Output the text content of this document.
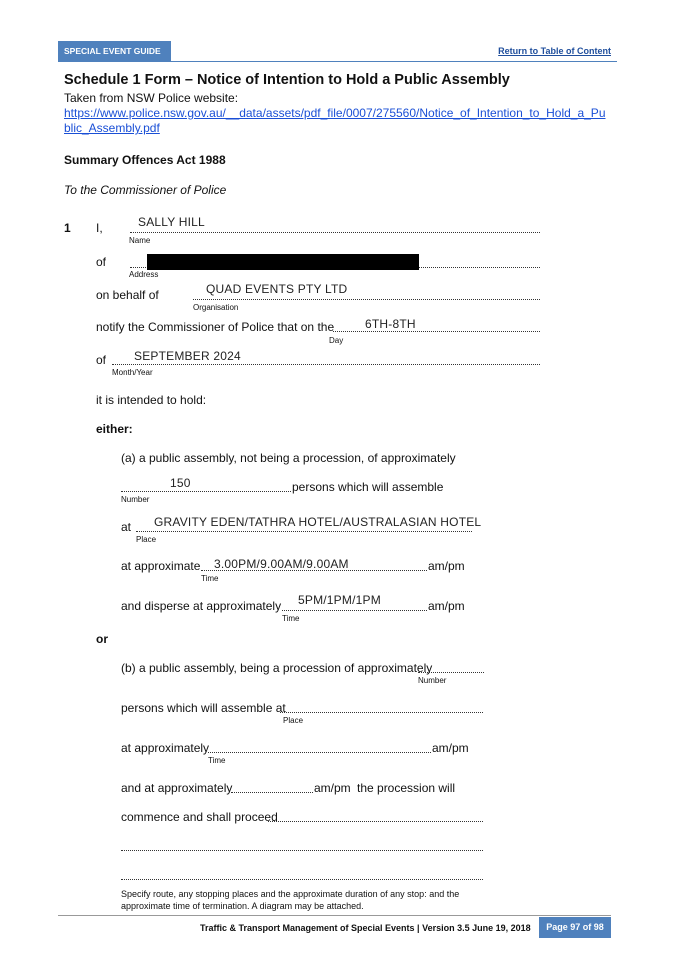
SPECIAL EVENT GUIDE	Return to Table of Content
Schedule 1 Form – Notice of Intention to Hold a Public Assembly
Taken from NSW Police website:
https://www.police.nsw.gov.au/__data/assets/pdf_file/0007/275560/Notice_of_Intention_to_Hold_a_Public_Assembly.pdf
Summary Offences Act 1988
To the Commissioner of Police
1 I,	SALLY HILL
Name
of
Address
on behalf of	QUAD EVENTS PTY LTD
Organisation
notify the Commissioner of Police that on the	6TH-8TH
Day
of SEPTEMBER 2024
Month/Year
it is intended to hold:
either:
(a) a public assembly, not being a procession, of approximately
150	persons which will assemble
Number
at GRAVITY EDEN/TATHRA HOTEL/AUSTRALASIAN HOTEL
Place
at approximate 3.00PM/9.00AM/9.00AM	am/pm
Time
and disperse at approximately 5PM/1PM/1PM	am/pm
Time
or
(b) a public assembly, being a procession of approximately
Number
persons which will assemble at
Place
at approximately	am/pm
Time
and at approximately	am/pm the procession will
commence and shall proceed
Specify route, any stopping places and the approximate duration of any stop: and the approximate time of termination. A diagram may be attached.
Traffic & Transport Management of Special Events | Version 3.5 June 19, 2018	Page 97 of 98
